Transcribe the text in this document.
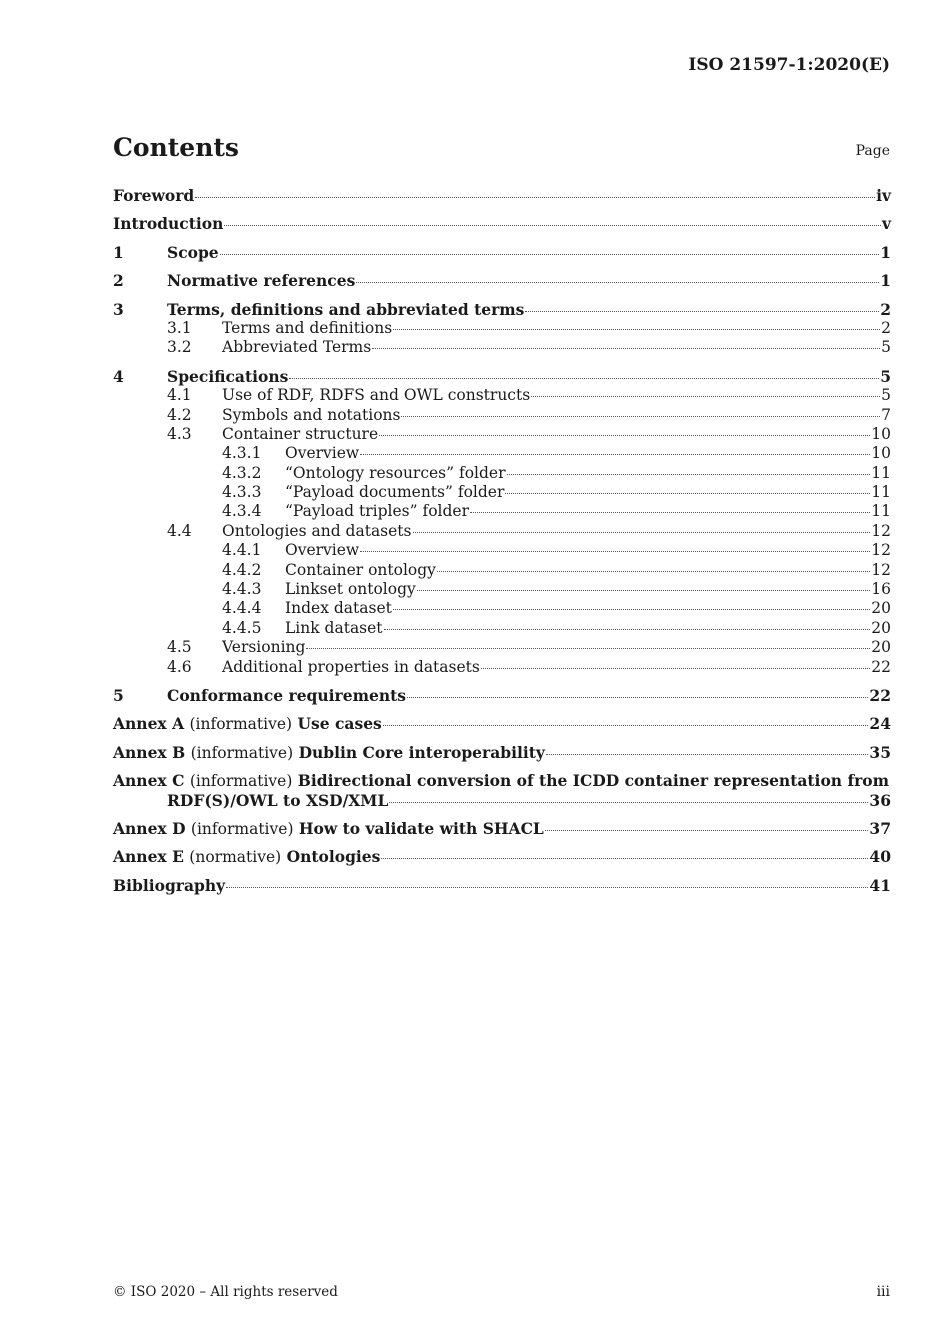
ISO 21597-1:2020(E)
Contents	Page
Foreword	iv
Introduction	v
1	Scope	1
2	Normative references	1
3	Terms, definitions and abbreviated terms	2
3.1	Terms and definitions	2
3.2	Abbreviated Terms	5
4	Specifications	5
4.1	Use of RDF, RDFS and OWL constructs	5
4.2	Symbols and notations	7
4.3	Container structure	10
4.3.1	Overview	10
4.3.2	“Ontology resources” folder	11
4.3.3	“Payload documents” folder	11
4.3.4	“Payload triples” folder	11
4.4	Ontologies and datasets	12
4.4.1	Overview	12
4.4.2	Container ontology	12
4.4.3	Linkset ontology	16
4.4.4	Index dataset	20
4.4.5	Link dataset	20
4.5	Versioning	20
4.6	Additional properties in datasets	22
5	Conformance requirements	22
Annex A (informative) Use cases	24
Annex B (informative) Dublin Core interoperability	35
Annex C (informative) Bidirectional conversion of the ICDD container representation from
RDF(S)/OWL to XSD/XML	36
Annex D (informative) How to validate with SHACL	37
Annex E (normative) Ontologies	40
Bibliography	41
© ISO 2020 – All rights reserved	iii
